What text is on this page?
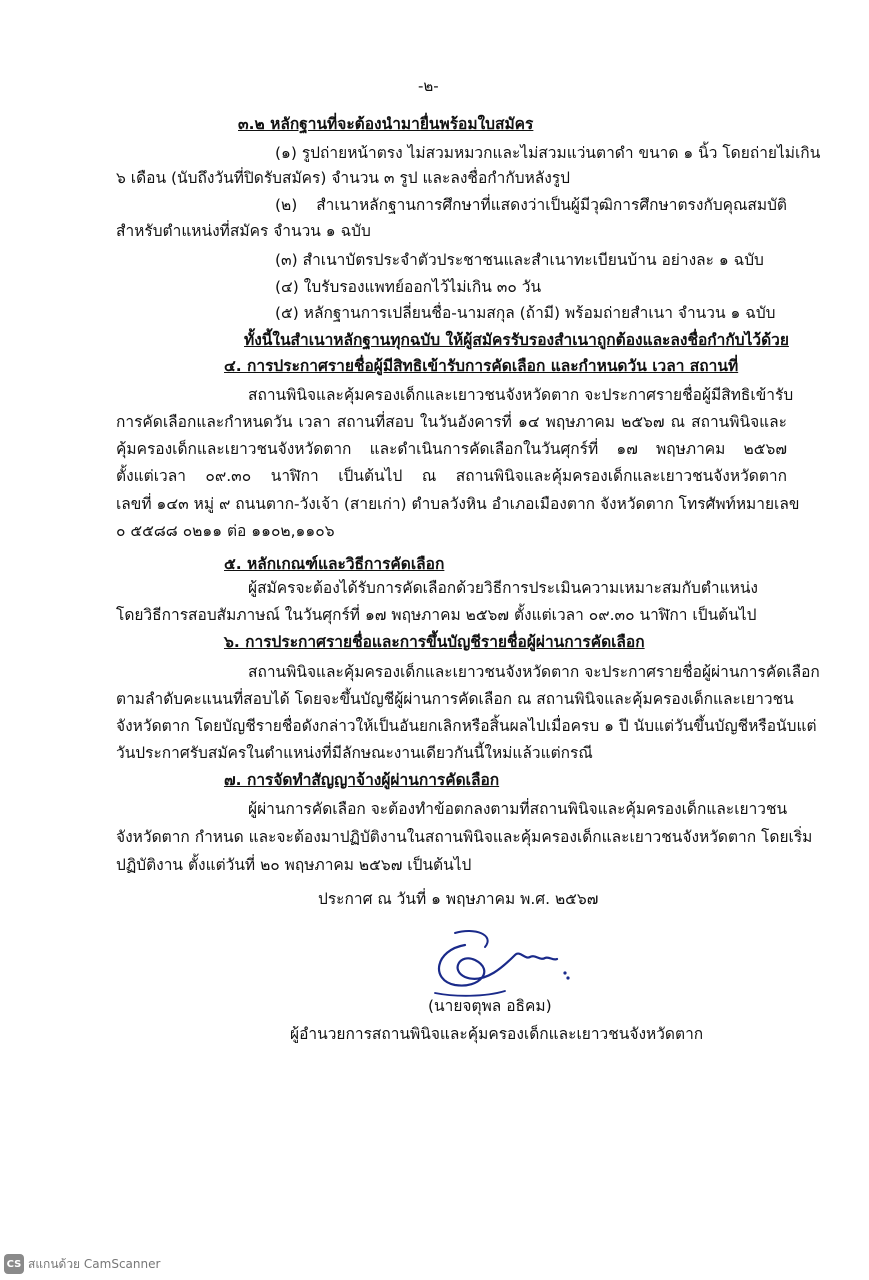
-๒-
๓.๒ หลักฐานที่จะต้องนำมายื่นพร้อมใบสมัคร
(๑) รูปถ่ายหน้าตรง ไม่สวมหมวกและไม่สวมแว่นตาดำ ขนาด ๑ นิ้ว โดยถ่ายไม่เกิน
๖ เดือน (นับถึงวันที่ปิดรับสมัคร) จำนวน ๓ รูป และลงชื่อกำกับหลังรูป
(๒) สำเนาหลักฐานการศึกษาที่แสดงว่าเป็นผู้มีวุฒิการศึกษาตรงกับคุณสมบัติ
สำหรับตำแหน่งที่สมัคร จำนวน ๑ ฉบับ
(๓) สำเนาบัตรประจำตัวประชาชนและสำเนาทะเบียนบ้าน อย่างละ ๑ ฉบับ
(๔) ใบรับรองแพทย์ออกไว้ไม่เกิน ๓๐ วัน
(๕) หลักฐานการเปลี่ยนชื่อ-นามสกุล (ถ้ามี) พร้อมถ่ายสำเนา จำนวน ๑ ฉบับ
ทั้งนี้ในสำเนาหลักฐานทุกฉบับ ให้ผู้สมัครรับรองสำเนาถูกต้องและลงชื่อกำกับไว้ด้วย
๔. การประกาศรายชื่อผู้มีสิทธิเข้ารับการคัดเลือก และกำหนดวัน เวลา สถานที่
สถานพินิจและคุ้มครองเด็กและเยาวชนจังหวัดตาก จะประกาศรายชื่อผู้มีสิทธิเข้ารับ
การคัดเลือกและกำหนดวัน เวลา สถานที่สอบ ในวันอังคารที่ ๑๔ พฤษภาคม ๒๕๖๗ ณ สถานพินิจและ
คุ้มครองเด็กและเยาวชนจังหวัดตาก และดำเนินการคัดเลือกในวันศุกร์ที่ ๑๗ พฤษภาคม ๒๕๖๗
ตั้งแต่เวลา ๐๙.๓๐ นาฬิกา เป็นต้นไป ณ สถานพินิจและคุ้มครองเด็กและเยาวชนจังหวัดตาก
เลขที่ ๑๔๓ หมู่ ๙ ถนนตาก-วังเจ้า (สายเก่า) ตำบลวังหิน อำเภอเมืองตาก จังหวัดตาก โทรศัพท์หมายเลข
๐ ๕๕๘๘ ๐๒๑๑ ต่อ ๑๑๐๒,๑๑๐๖
๕. หลักเกณฑ์และวิธีการคัดเลือก
ผู้สมัครจะต้องได้รับการคัดเลือกด้วยวิธีการประเมินความเหมาะสมกับตำแหน่ง
โดยวิธีการสอบสัมภาษณ์ ในวันศุกร์ที่ ๑๗ พฤษภาคม ๒๕๖๗ ตั้งแต่เวลา ๐๙.๓๐ นาฬิกา เป็นต้นไป
๖. การประกาศรายชื่อและการขึ้นบัญชีรายชื่อผู้ผ่านการคัดเลือก
สถานพินิจและคุ้มครองเด็กและเยาวชนจังหวัดตาก จะประกาศรายชื่อผู้ผ่านการคัดเลือก
ตามลำดับคะแนนที่สอบได้ โดยจะขึ้นบัญชีผู้ผ่านการคัดเลือก ณ สถานพินิจและคุ้มครองเด็กและเยาวชน
จังหวัดตาก โดยบัญชีรายชื่อดังกล่าวให้เป็นอันยกเลิกหรือสิ้นผลไปเมื่อครบ ๑ ปี นับแต่วันขึ้นบัญชีหรือนับแต่
วันประกาศรับสมัครในตำแหน่งที่มีลักษณะงานเดียวกันนี้ใหม่แล้วแต่กรณี
๗. การจัดทำสัญญาจ้างผู้ผ่านการคัดเลือก
ผู้ผ่านการคัดเลือก จะต้องทำข้อตกลงตามที่สถานพินิจและคุ้มครองเด็กและเยาวชน
จังหวัดตาก กำหนด และจะต้องมาปฏิบัติงานในสถานพินิจและคุ้มครองเด็กและเยาวชนจังหวัดตาก โดยเริ่ม
ปฏิบัติงาน ตั้งแต่วันที่ ๒๐ พฤษภาคม ๒๕๖๗ เป็นต้นไป
ประกาศ ณ วันที่ ๑ พฤษภาคม พ.ศ. ๒๕๖๗
(นายจตุพล อธิคม)
ผู้อำนวยการสถานพินิจและคุ้มครองเด็กและเยาวชนจังหวัดตาก
CS สแกนด้วย CamScanner
